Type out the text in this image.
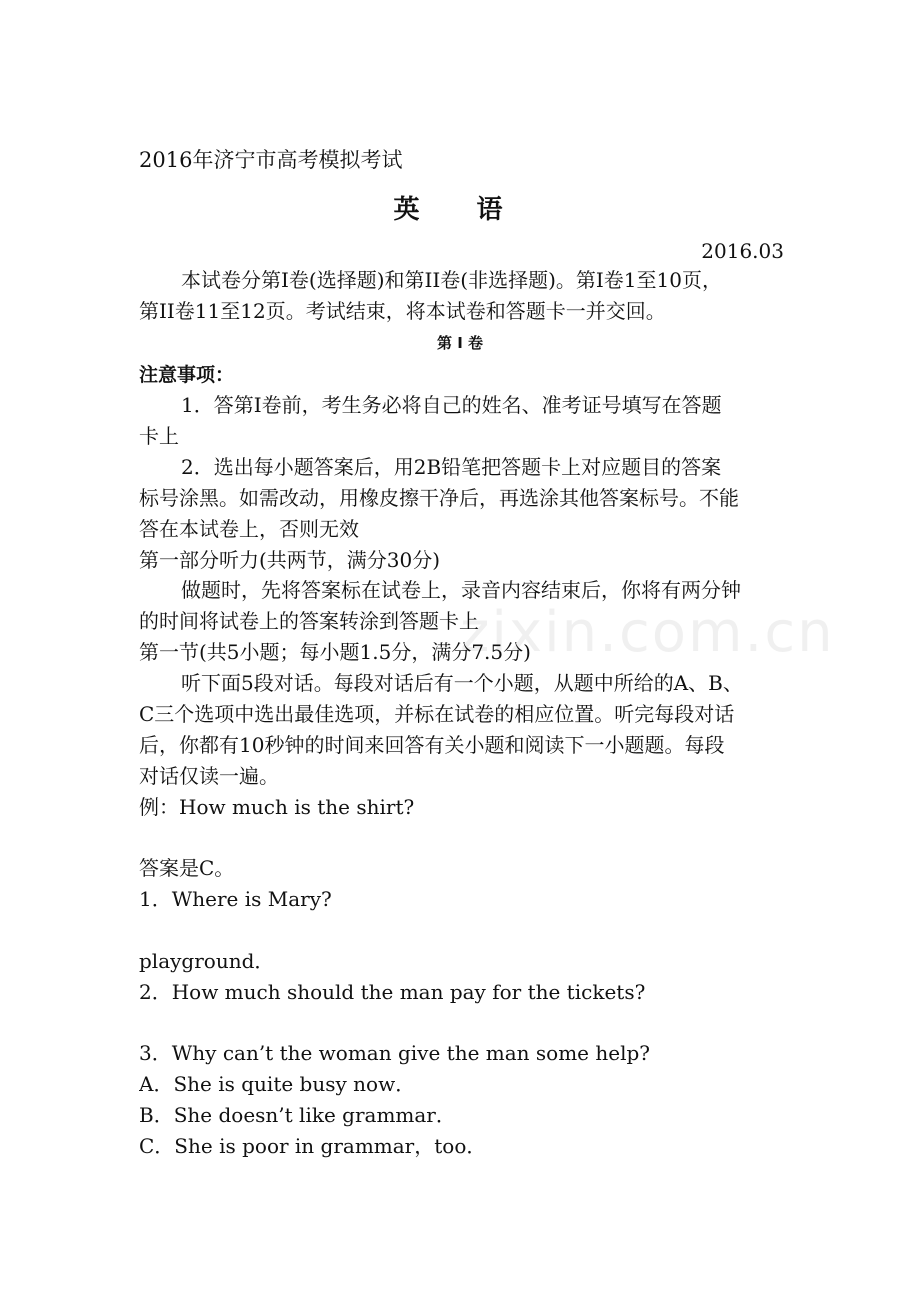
2016年济宁市高考模拟考试
英 语
2016.03
本试卷分第I卷(选择题)和第II卷(非选择题)。第I卷1至10页，
第II卷11至12页。考试结束，将本试卷和答题卡一并交回。
第 I 卷
注意事项：
1．答第I卷前，考生务必将自己的姓名、准考证号填写在答题
卡上
2．选出每小题答案后，用2B铅笔把答题卡上对应题目的答案
标号涂黑。如需改动，用橡皮擦干净后，再选涂其他答案标号。不能
答在本试卷上，否则无效
第一部分听力(共两节，满分30分)
做题时，先将答案标在试卷上，录音内容结束后，你将有两分钟
的时间将试卷上的答案转涂到答题卡上
zixin.com.cn
第一节(共5小题；每小题1.5分，满分7.5分)
听下面5段对话。每段对话后有一个小题，从题中所给的A、B、
C三个选项中选出最佳选项，并标在试卷的相应位置。听完每段对话
后，你都有10秒钟的时间来回答有关小题和阅读下一小题题。每段
对话仅读一遍。
例：How much is the shirt?
答案是C。
1．Where is Mary?
playground．
2．How much should the man pay for the tickets?
3．Why can’t the woman give the man some help?
A．She is quite busy now．
B．She doesn’t like grammar．
C．She is poor in grammar，too．
